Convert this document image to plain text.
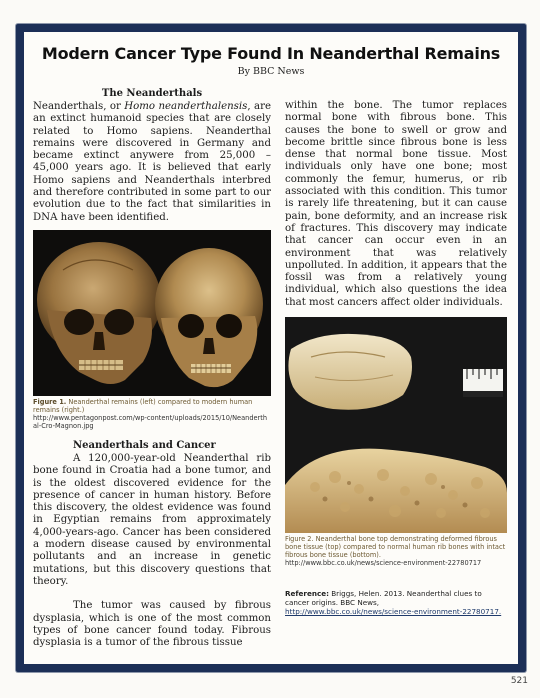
Modern Cancer Type Found In Neanderthal Remains
By BBC News
The Neanderthals

Neanderthals, or Homo neanderthalensis, are an extinct humanoid species that are closely related to Homo sapiens. Neanderthal remains were discovered in Germany and became extinct anywere from 25,000 – 45,000 years ago. It is believed that early Homo sapiens and Neanderthals interbred and therefore contributed in some part to our evolution due to the fact that similarities in DNA have been identified.

Figure 1. Neanderthal remains (left) compared to modern human remains (right.)

http://www.pentagonpost.com/wp-content/uploads/2015/10/Neanderthal-Cro-Magnon.jpg

Neanderthals and Cancer

A 120,000-year-old Neanderthal rib bone found in Croatia had a bone tumor, and is the oldest discovered evidence for the presence of cancer in human history. Before this discovery, the oldest evidence was found in Egyptian remains from approximately 4,000-years-ago. Cancer has been considered a modern disease caused by environmental pollutants and an increase in genetic mutations, but this discovery questions that theory.

The tumor was caused by fibrous dysplasia, which is one of the most common types of bone cancer found today. Fibrous dysplasia is a tumor of the fibrous tissue

within the bone. The tumor replaces normal bone with fibrous bone. This causes the bone to swell or grow and become brittle since fibrous bone is less dense that normal bone tissue. Most individuals only have one bone; most commonly the femur, humerus, or rib associated with this condition. This tumor is rarely life threatening, but it can cause pain, bone deformity, and an increase risk of fractures. This discovery may indicate that cancer can occur even in an environment that was relatively unpolluted. In addition, it appears that the fossil was from a relatively young individual, which also questions the idea that most cancers affect older individuals.

Figure 2. Neanderthal bone top demonstrating deformed fibrous bone tissue (top) compared to normal human rib bones with intact fibrous bone tissue (bottom).

http://www.bbc.co.uk/news/science-environment-22780717

Reference: Briggs, Helen. 2013. Neanderthal clues to cancer origins. BBC News,
http://www.bbc.co.uk/news/science-environment-22780717.
521
